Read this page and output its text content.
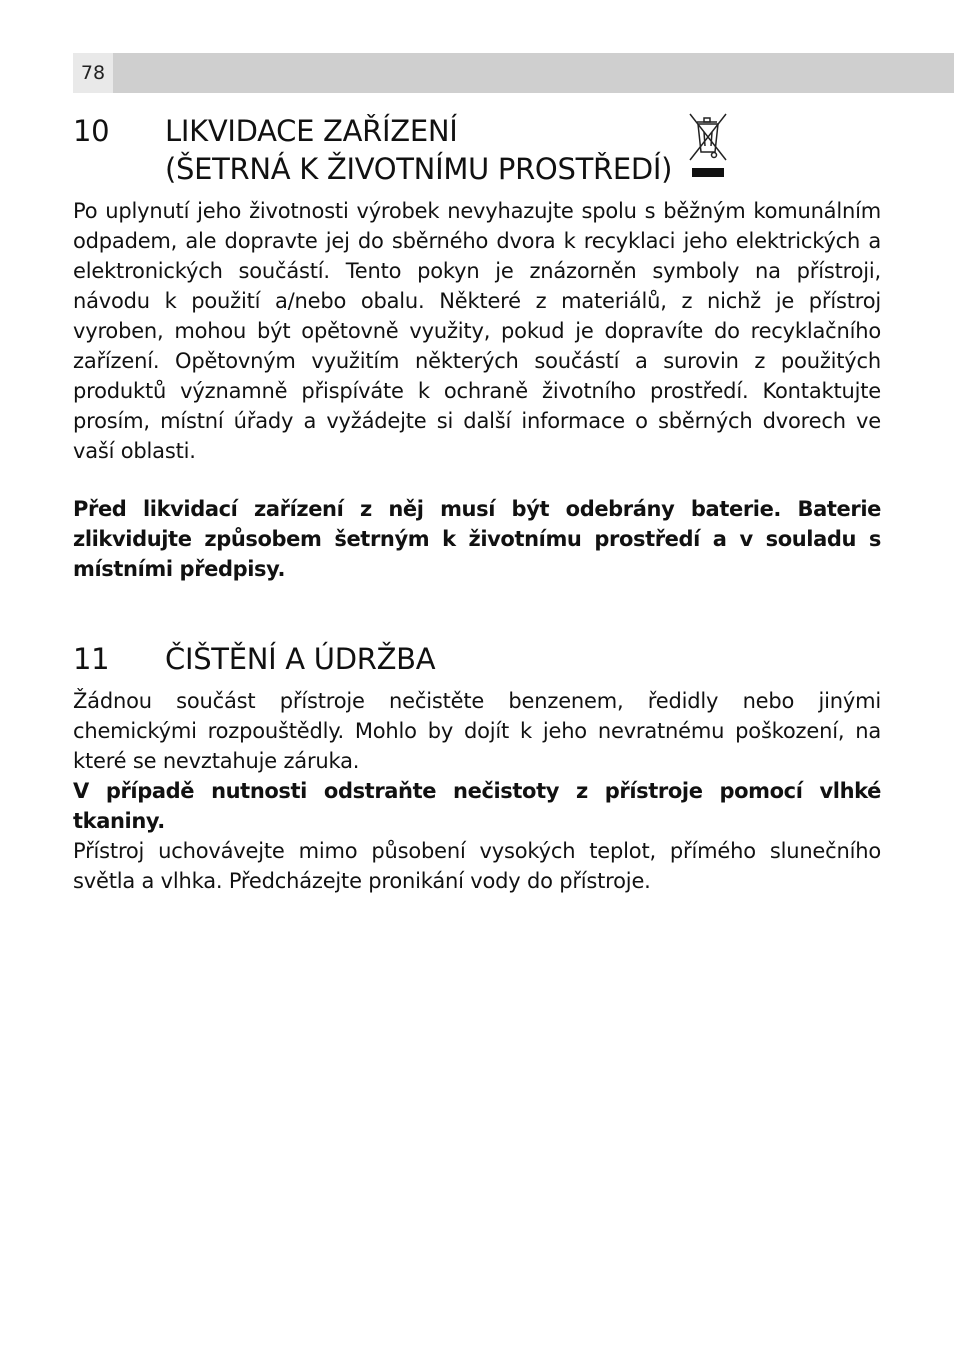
78
10 LIKVIDACE ZAŘÍZENÍ
(ŠETRNÁ K ŽIVOTNÍMU PROSTŘEDÍ)

Po uplynutí jeho životnosti výrobek nevyhazujte spolu s běžným komunálním odpadem, ale dopravte jej do sběrného dvora k recyklaci jeho elektrických a elektronických součástí. Tento pokyn je znázorněn symboly na přístroji, návodu k použití a/nebo obalu. Některé z materiálů, z nichž je přístroj vyroben, mohou být opětovně využity, pokud je dopravíte do recyklačního zařízení. Opětovným využitím některých součástí a surovin z použitých produktů významně přispíváte k ochraně životního prostředí. Kontaktujte prosím, místní úřady a vyžádejte si další informace o sběrných dvorech ve vaší oblasti.

Před likvidací zařízení z něj musí být odebrány baterie. Baterie zlikvidujte způsobem šetrným k životnímu prostředí a v souladu s místními předpisy.

11 ČIŠTĚNÍ A ÚDRŽBA

Žádnou součást přístroje nečistěte benzenem, ředidly nebo jinými chemickými rozpouštědly. Mohlo by dojít k jeho nevratnému poškození, na které se nevztahuje záruka.

V případě nutnosti odstraňte nečistoty z přístroje pomocí vlhké tkaniny.

Přístroj uchovávejte mimo působení vysokých teplot, přímého slunečního světla a vlhka. Předcházejte pronikání vody do přístroje.
